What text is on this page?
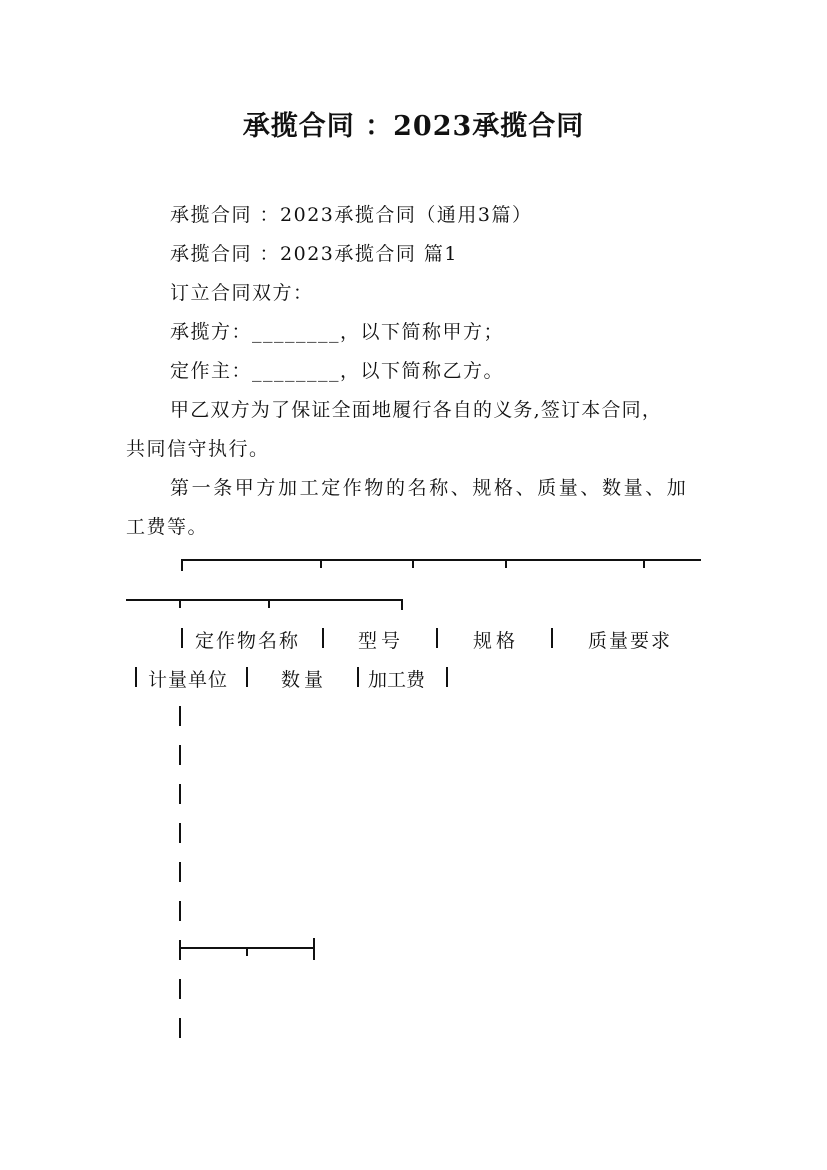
承揽合同 ：2023承揽合同
承揽合同 ：2023承揽合同（通用3篇）
承揽合同 ：2023承揽合同 篇1
订立合同双方：
承揽方：________，以下简称甲方；
定作主：________，以下简称乙方。
甲乙双方为了保证全面地履行各自的义务,签订本合同，
共同信守执行。
第一条甲方加工定作物的名称、规格、质量、数量、加
工费等。
定作物名称	型号	规格	质量要求
计量单位	数量 加工费
